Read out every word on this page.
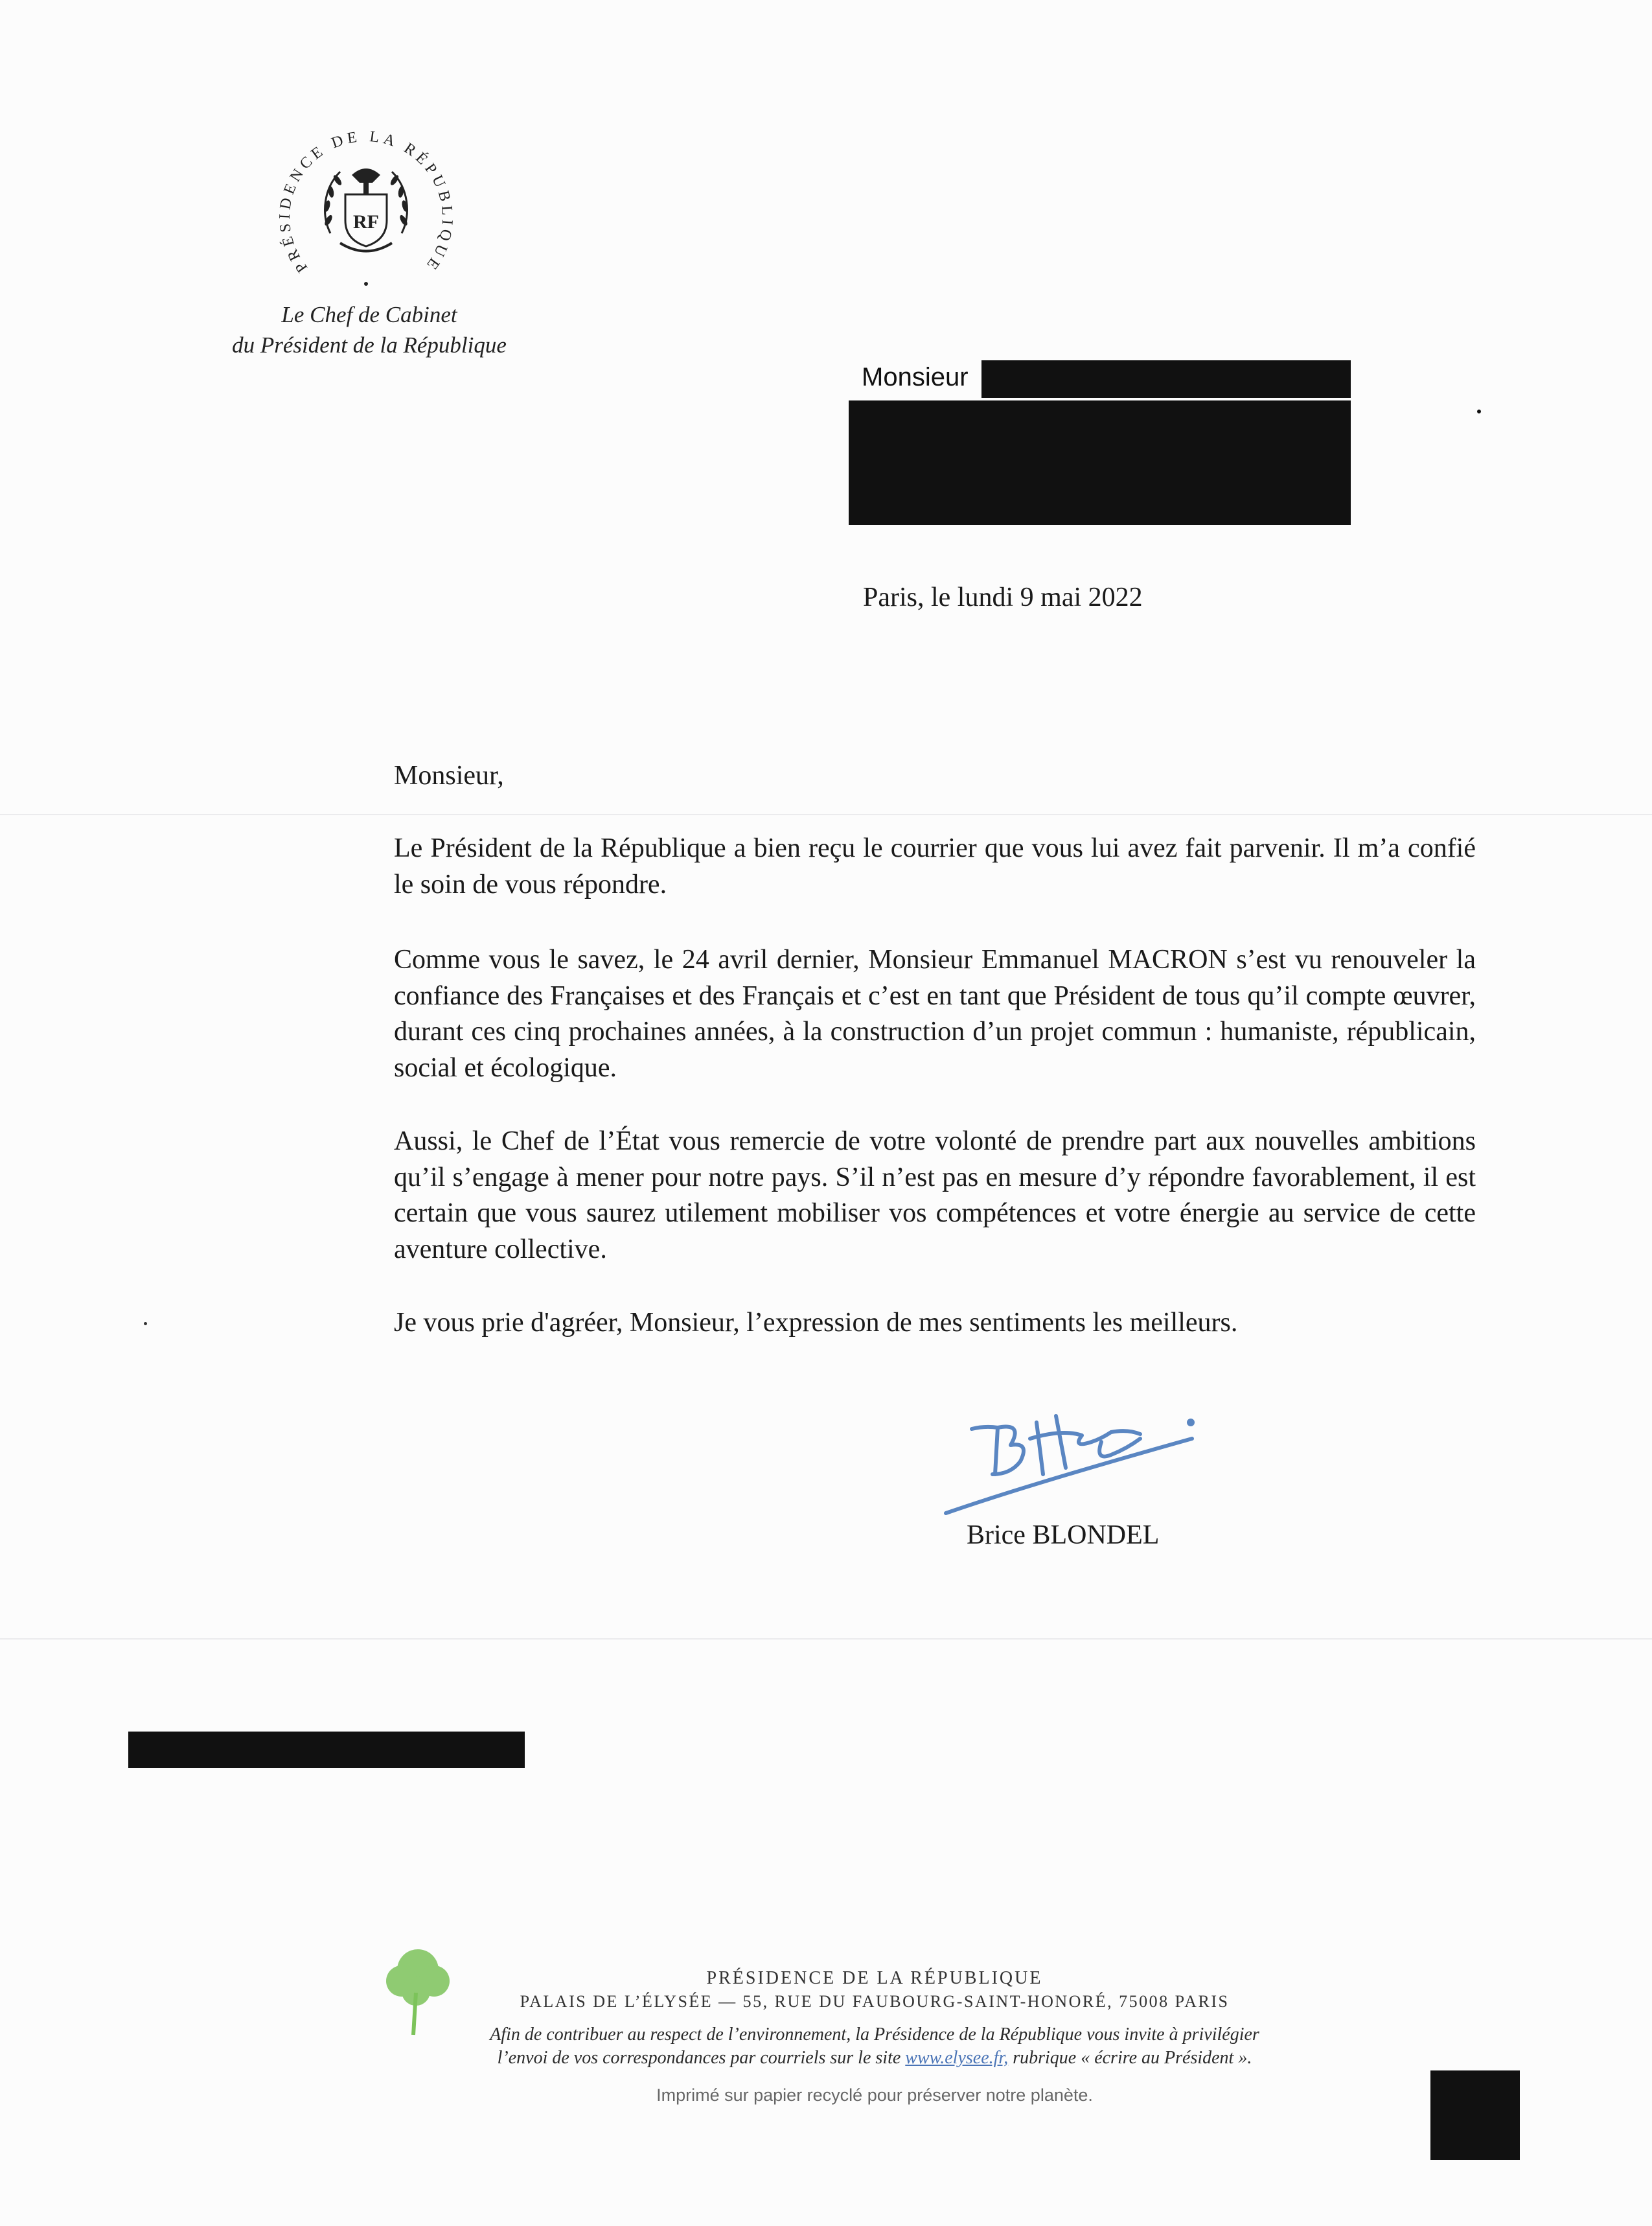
PRÉSIDENCE DE LA RÉPUBLIQUE
RF
Le Chef de Cabinet
du Président de la République
Monsieur
Paris, le lundi 9 mai 2022
Monsieur,
Le Président de la République a bien reçu le courrier que vous lui avez fait parvenir. Il m’a confié le soin de vous répondre.
Comme vous le savez, le 24 avril dernier, Monsieur Emmanuel MACRON s’est vu renouveler la confiance des Françaises et des Français et c’est en tant que Président de tous qu’il compte œuvrer, durant ces cinq prochaines années, à la construction d’un projet commun : humaniste, républicain, social et écologique.
Aussi, le Chef de l’État vous remercie de votre volonté de prendre part aux nouvelles ambitions qu’il s’engage à mener pour notre pays. S’il n’est pas en mesure d’y répondre favorablement, il est certain que vous saurez utilement mobiliser vos compétences et votre énergie au service de cette aventure collective.
Je vous prie d'agréer, Monsieur, l’expression de mes sentiments les meilleurs.
Brice BLONDEL
PRÉSIDENCE DE LA RÉPUBLIQUE
PALAIS DE L’ÉLYSÉE — 55, RUE DU FAUBOURG-SAINT-HONORÉ, 75008 PARIS
Afin de contribuer au respect de l’environnement, la Présidence de la République vous invite à privilégier
l’envoi de vos correspondances par courriels sur le site www.elysee.fr, rubrique « écrire au Président ».
Imprimé sur papier recyclé pour préserver notre planète.
